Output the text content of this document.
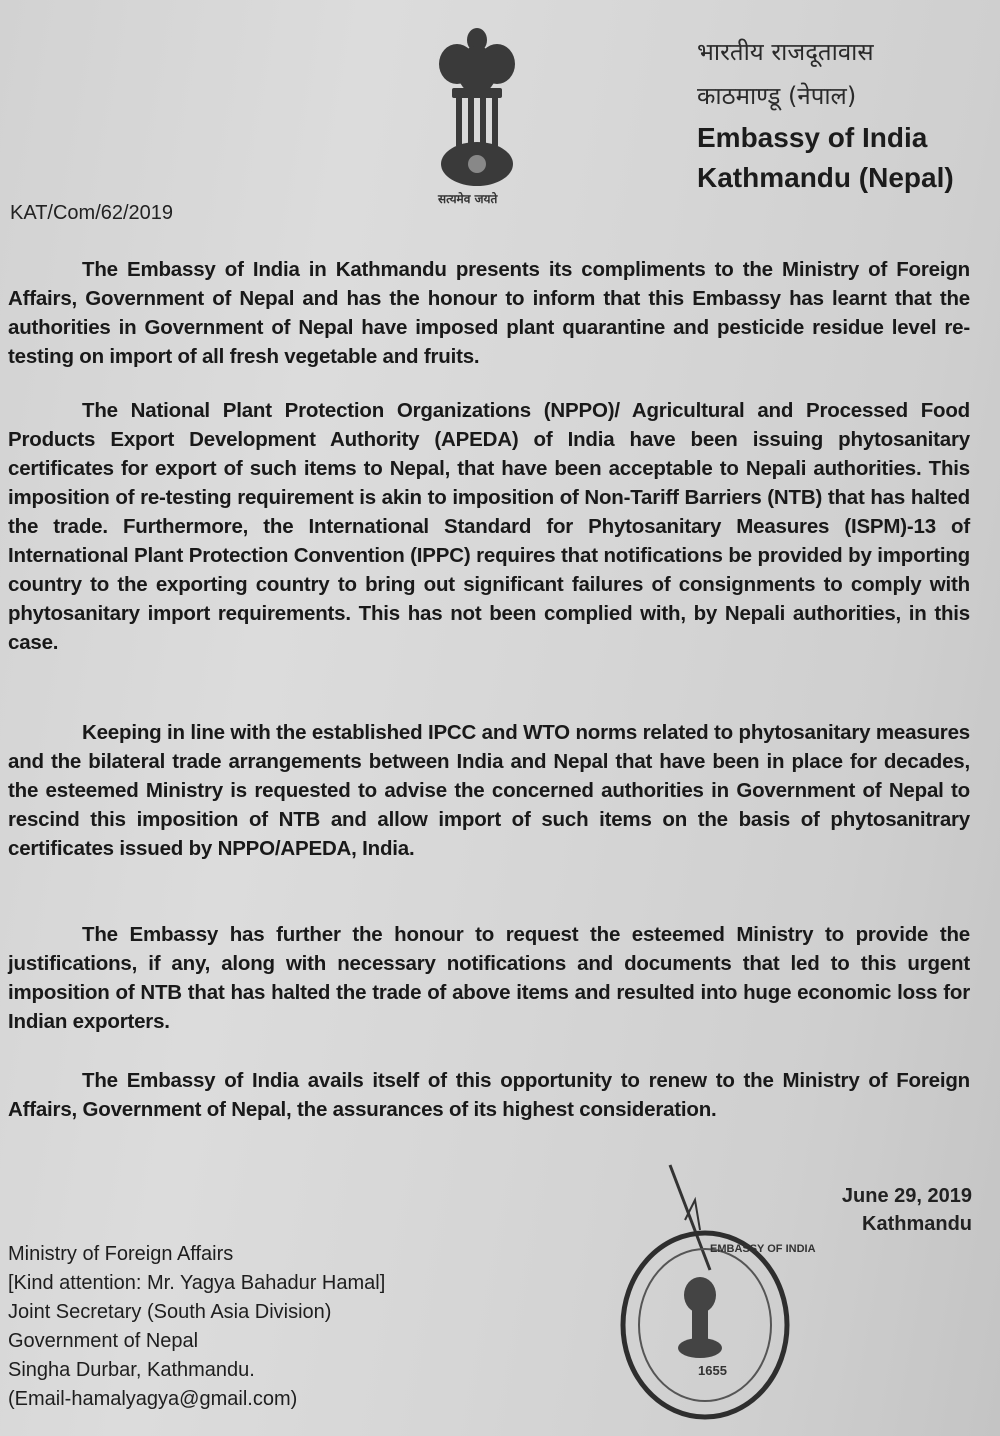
सत्यमेव जयते
भारतीय राजदूतावास
काठमाण्डू (नेपाल)
Embassy of India
Kathmandu (Nepal)
KAT/Com/62/2019

The Embassy of India in Kathmandu presents its compliments to the Ministry of Foreign Affairs, Government of Nepal and has the honour to inform that this Embassy has learnt that the authorities in Government of Nepal have imposed plant quarantine and pesticide residue level re-testing on import of all fresh vegetable and fruits.

The National Plant Protection Organizations (NPPO)/ Agricultural and Processed Food Products Export Development Authority (APEDA) of India have been issuing phytosanitary certificates for export of such items to Nepal, that have been acceptable to Nepali authorities. This imposition of re-testing requirement is akin to imposition of Non-Tariff Barriers (NTB) that has halted the trade. Furthermore, the International Standard for Phytosanitary Measures (ISPM)-13 of International Plant Protection Convention (IPPC) requires that notifications be provided by importing country to the exporting country to bring out significant failures of consignments to comply with phytosanitary import requirements. This has not been complied with, by Nepali authorities, in this case.

Keeping in line with the established IPCC and WTO norms related to phytosanitary measures and the bilateral trade arrangements between India and Nepal that have been in place for decades, the esteemed Ministry is requested to advise the concerned authorities in Government of Nepal to rescind this imposition of NTB and allow import of such items on the basis of phytosanitrary certificates issued by NPPO/APEDA, India.

The Embassy has further the honour to request the esteemed Ministry to provide the justifications, if any, along with necessary notifications and documents that led to this urgent imposition of NTB that has halted the trade of above items and resulted into huge economic loss for Indian exporters.

The Embassy of India avails itself of this opportunity to renew to the Ministry of Foreign Affairs, Government of Nepal, the assurances of its highest consideration.

June 29, 2019
Kathmandu
Ministry of Foreign Affairs
[Kind attention: Mr. Yagya Bahadur Hamal]
Joint Secretary (South Asia Division)
Government of Nepal
Singha Durbar, Kathmandu.
(Email-hamalyagya@gmail.com)
EMBASSY OF INDIA
1655
